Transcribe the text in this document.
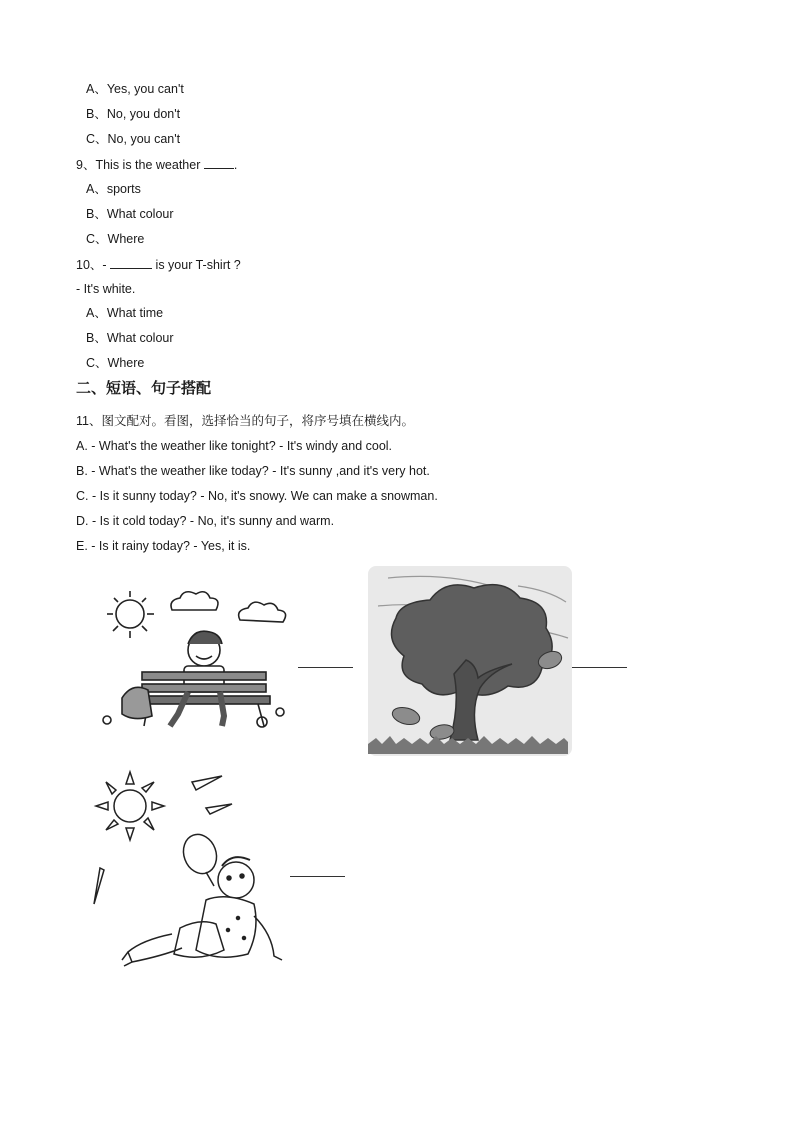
A、Yes, you can't
B、No, you don't
C、No, you can't
9、This is the weather	.
A、sports
B、What colour
C、Where
10、-	is your T-shirt ?
- It's white.
A、What time
B、What colour
C、Where
二、短语、句子搭配
11、图文配对。看图，选择恰当的句子，将序号填在横线内。
A. - What's the weather like tonight? - It's windy and cool.
B. - What's the weather like today? - It's sunny ,and it's very hot.
C. - Is it sunny today? - No, it's snowy. We can make a snowman.
D. - Is it cold today? - No, it's sunny and warm.
E. - Is it rainy today? - Yes, it is.
